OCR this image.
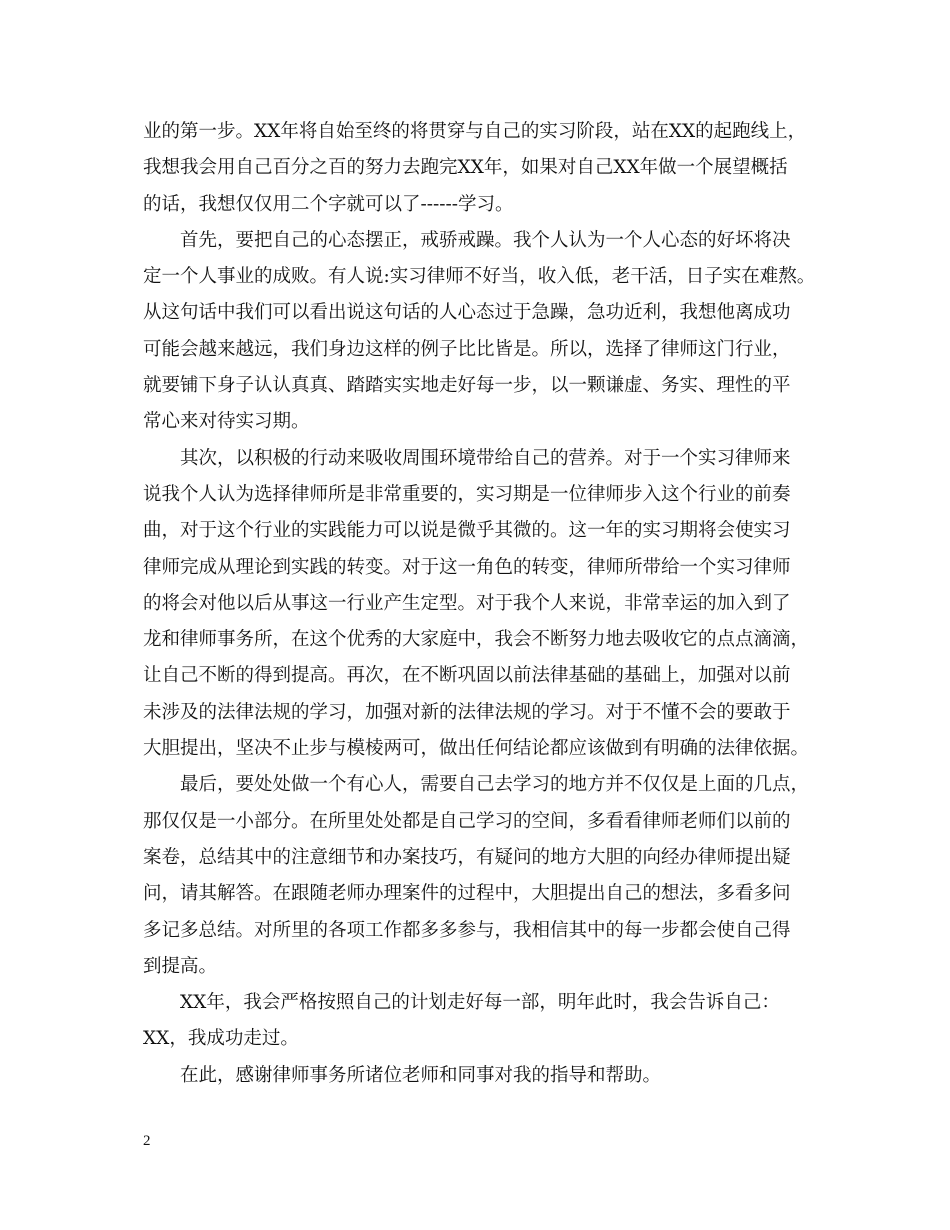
业的第一步。XX年将自始至终的将贯穿与自己的实习阶段，站在XX的起跑线上，
我想我会用自己百分之百的努力去跑完XX年，如果对自己XX年做一个展望概括
的话，我想仅仅用二个字就可以了------学习。
首先，要把自己的心态摆正，戒骄戒躁。我个人认为一个人心态的好坏将决
定一个人事业的成败。有人说:实习律师不好当，收入低，老干活，日子实在难熬。
从这句话中我们可以看出说这句话的人心态过于急躁，急功近利，我想他离成功
可能会越来越远，我们身边这样的例子比比皆是。所以，选择了律师这门行业，
就要铺下身子认认真真、踏踏实实地走好每一步，以一颗谦虚、务实、理性的平
常心来对待实习期。
其次，以积极的行动来吸收周围环境带给自己的营养。对于一个实习律师来
说我个人认为选择律师所是非常重要的，实习期是一位律师步入这个行业的前奏
曲，对于这个行业的实践能力可以说是微乎其微的。这一年的实习期将会使实习
律师完成从理论到实践的转变。对于这一角色的转变，律师所带给一个实习律师
的将会对他以后从事这一行业产生定型。对于我个人来说，非常幸运的加入到了
龙和律师事务所，在这个优秀的大家庭中，我会不断努力地去吸收它的点点滴滴，
让自己不断的得到提高。再次，在不断巩固以前法律基础的基础上，加强对以前
未涉及的法律法规的学习，加强对新的法律法规的学习。对于不懂不会的要敢于
大胆提出，坚决不止步与模棱两可，做出任何结论都应该做到有明确的法律依据。
最后，要处处做一个有心人，需要自己去学习的地方并不仅仅是上面的几点，
那仅仅是一小部分。在所里处处都是自己学习的空间，多看看律师老师们以前的
案卷，总结其中的注意细节和办案技巧，有疑问的地方大胆的向经办律师提出疑
问，请其解答。在跟随老师办理案件的过程中，大胆提出自己的想法，多看多问
多记多总结。对所里的各项工作都多多参与，我相信其中的每一步都会使自己得
到提高。
XX年，我会严格按照自己的计划走好每一部，明年此时，我会告诉自己：
XX，我成功走过。
在此，感谢律师事务所诸位老师和同事对我的指导和帮助。
2
